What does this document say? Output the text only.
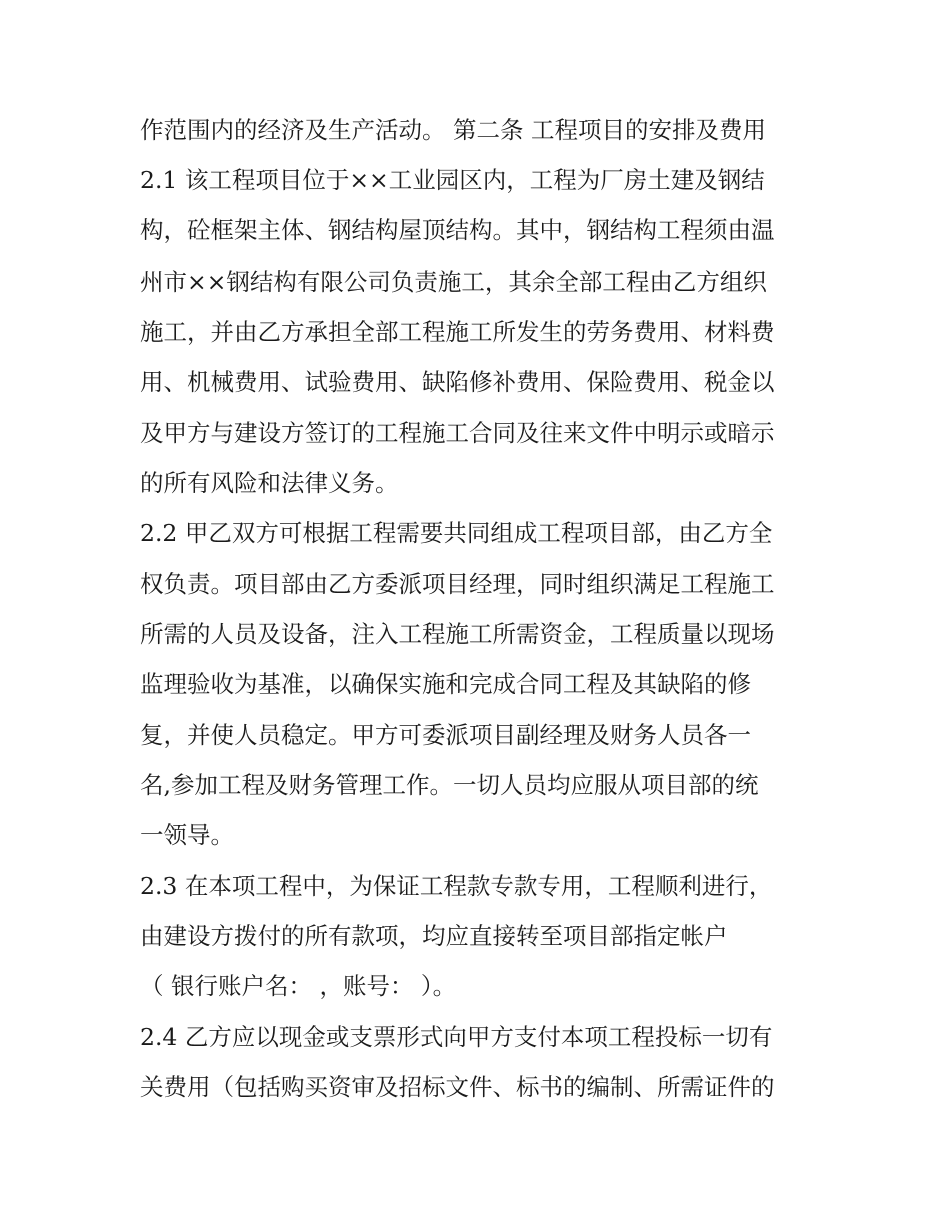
作范围内的经济及生产活动。 第二条 工程项目的安排及费用
2.1 该工程项目位于××工业园区内，工程为厂房土建及钢结
构，砼框架主体、钢结构屋顶结构。其中，钢结构工程须由温
州市××钢结构有限公司负责施工，其余全部工程由乙方组织
施工，并由乙方承担全部工程施工所发生的劳务费用、材料费
用、机械费用、试验费用、缺陷修补费用、保险费用、税金以
及甲方与建设方签订的工程施工合同及往来文件中明示或暗示
的所有风险和法律义务。
2.2 甲乙双方可根据工程需要共同组成工程项目部，由乙方全
权负责。项目部由乙方委派项目经理，同时组织满足工程施工
所需的人员及设备，注入工程施工所需资金，工程质量以现场
监理验收为基准，以确保实施和完成合同工程及其缺陷的修
复，并使人员稳定。甲方可委派项目副经理及财务人员各一
名,参加工程及财务管理工作。一切人员均应服从项目部的统
一领导。
2.3 在本项工程中，为保证工程款专款专用，工程顺利进行，
由建设方拨付的所有款项，均应直接转至项目部指定帐户
（ 银行账户名： ，账号： ）。
2.4 乙方应以现金或支票形式向甲方支付本项工程投标一切有
关费用（包括购买资审及招标文件、标书的编制、所需证件的
